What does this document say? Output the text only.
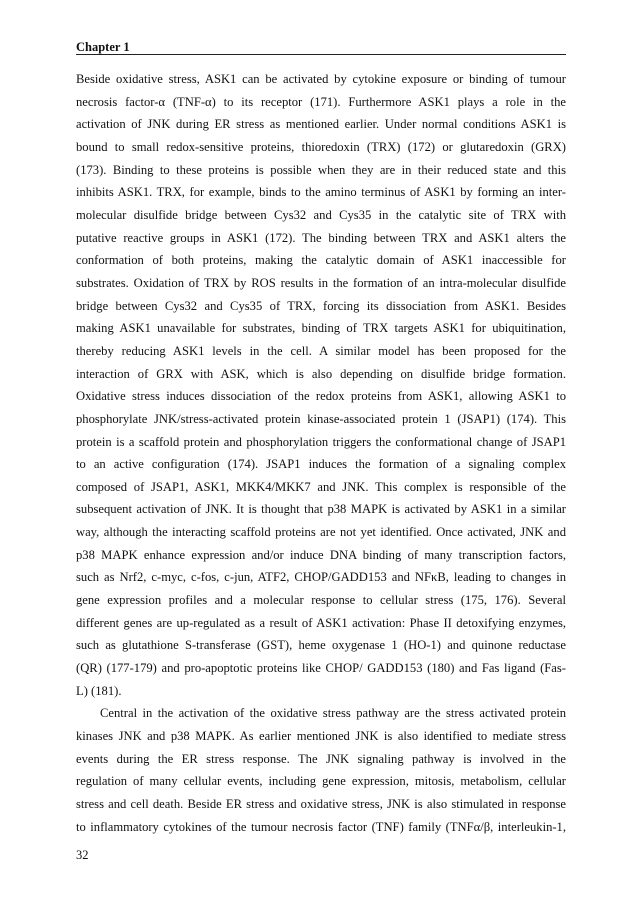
Chapter 1
Beside oxidative stress, ASK1 can be activated by cytokine exposure or binding of tumour
necrosis factor-α (TNF-α) to its receptor (171). Furthermore ASK1 plays a role in the
activation of JNK during ER stress as mentioned earlier. Under normal conditions ASK1 is
bound to small redox-sensitive proteins, thioredoxin (TRX) (172) or glutaredoxin (GRX)
(173). Binding to these proteins is possible when they are in their reduced state and this
inhibits ASK1. TRX, for example, binds to the amino terminus of ASK1 by forming an inter-
molecular disulfide bridge between Cys32 and Cys35 in the catalytic site of TRX with
putative reactive groups in ASK1 (172). The binding between TRX and ASK1 alters the
conformation of both proteins, making the catalytic domain of ASK1 inaccessible for
substrates. Oxidation of TRX by ROS results in the formation of an intra-molecular disulfide
bridge between Cys32 and Cys35 of TRX, forcing its dissociation from ASK1. Besides
making ASK1 unavailable for substrates, binding of TRX targets ASK1 for ubiquitination,
thereby reducing ASK1 levels in the cell. A similar model has been proposed for the
interaction of GRX with ASK, which is also depending on disulfide bridge formation.
Oxidative stress induces dissociation of the redox proteins from ASK1, allowing ASK1 to
phosphorylate JNK/stress-activated protein kinase-associated protein 1 (JSAP1) (174). This
protein is a scaffold protein and phosphorylation triggers the conformational change of JSAP1
to an active configuration (174). JSAP1 induces the formation of a signaling complex
composed of JSAP1, ASK1, MKK4/MKK7 and JNK. This complex is responsible of the
subsequent activation of JNK. It is thought that p38 MAPK is activated by ASK1 in a similar
way, although the interacting scaffold proteins are not yet identified. Once activated, JNK and
p38 MAPK enhance expression and/or induce DNA binding of many transcription factors,
such as Nrf2, c-myc, c-fos, c-jun, ATF2, CHOP/GADD153 and NFκB, leading to changes in
gene expression profiles and a molecular response to cellular stress (175, 176). Several
different genes are up-regulated as a result of ASK1 activation: Phase II detoxifying enzymes,
such as glutathione S-transferase (GST), heme oxygenase 1 (HO-1) and quinone reductase
(QR) (177-179) and pro-apoptotic proteins like CHOP/ GADD153 (180) and Fas ligand (Fas-
L) (181).
Central in the activation of the oxidative stress pathway are the stress activated protein
kinases JNK and p38 MAPK. As earlier mentioned JNK is also identified to mediate stress
events during the ER stress response. The JNK signaling pathway is involved in the
regulation of many cellular events, including gene expression, mitosis, metabolism, cellular
stress and cell death. Beside ER stress and oxidative stress, JNK is also stimulated in response
to inflammatory cytokines of the tumour necrosis factor (TNF) family (TNFα/β, interleukin-1,
32
